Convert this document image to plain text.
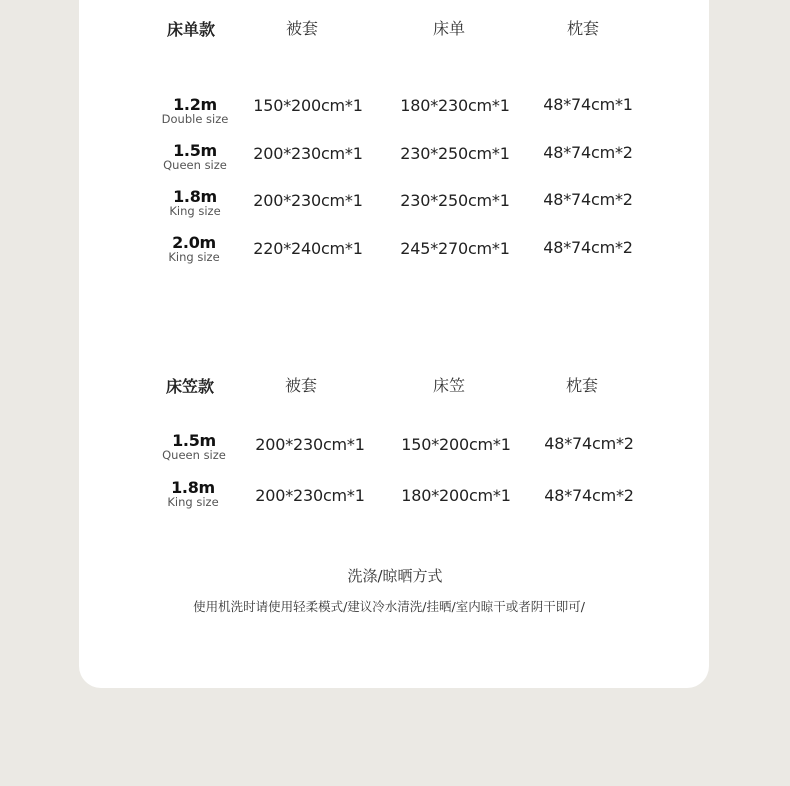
床单款	被套	床单	枕套
1.2m
Double size
150*200cm*1 180*230cm*1 48*74cm*1
1.5m
Queen size
200*230cm*1 230*250cm*1 48*74cm*2
1.8m
King size
200*230cm*1 230*250cm*1 48*74cm*2
2.0m
King size 220*240cm*1 245*270cm*1 48*74cm*2
床笠款	被套	床笠	枕套
1.5m
Queen size
200*230cm*1 150*200cm*1 48*74cm*2
1.8m
King size 200*230cm*1 180*200cm*1 48*74cm*2
洗涤/晾晒方式
使用机洗时请使用轻柔模式/建议冷水清洗/挂晒/室内晾干或者阴干即可/
